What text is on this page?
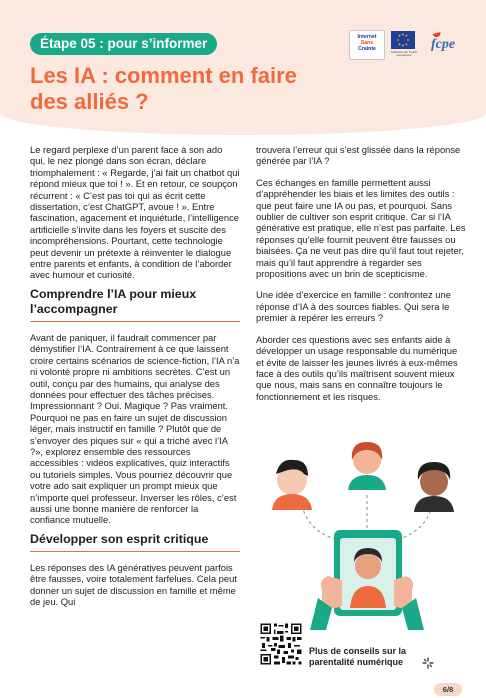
Étape 05 : pour s’informer
Les IA : comment en faire des alliés ?
Internet
Sans
Crainte	Cofinancé par l’Union européenne
fcpe

Le regard perplexe d’un parent face à son ado qui, le nez plongé dans son écran, déclare triomphalement : « Regarde, j’ai fait un chatbot qui répond mieux que toi ! ». Et en retour, ce soupçon récurrent : « C’est pas toi qui as écrit cette dissertation, c’est ChatGPT, avoue ! ». Entre fascination, agacement et inquiétude, l’intelligence artificielle s’invite dans les foyers et suscite des incompréhensions. Pourtant, cette technologie peut devenir un prétexte à réinventer le dialogue entre parents et enfants, à condition de l’aborder avec humour et curiosité.

Comprendre l’IA pour mieux l’accompagner

Avant de paniquer, il faudrait commencer par démystifier l’IA. Contrairement à ce que laissent croire certains scénarios de science-fiction, l’IA n’a ni volonté propre ni ambitions secrètes. C’est un outil, conçu par des humains, qui analyse des données pour effectuer des tâches précises. Impressionnant ? Oui. Magique ? Pas vraiment. Pourquoi ne pas en faire un sujet de discussion léger, mais instructif en famille ? Plutôt que de s’envoyer des piques sur « qui a triché avec l’IA ?», explorez ensemble des ressources accessibles : vidéos explicatives, quiz interactifs ou tutoriels simples. Vous pourriez découvrir que votre ado sait expliquer un prompt mieux que n’importe quel professeur. Inverser les rôles, c’est aussi une bonne manière de renforcer la confiance mutuelle.

Développer son esprit critique

Les réponses des IA génératives peuvent parfois être fausses, voire totalement farfelues. Cela peut donner un sujet de discussion en famille et même de jeu. Qui

trouvera l’erreur qui s’est glissée dans la réponse générée par l’IA ?

Ces échanges en famille permettent aussi d’appréhender les biais et les limites des outils : que peut faire une IA ou pas, et pourquoi. Sans oublier de cultiver son esprit critique. Car si l’IA générative est pratique, elle n’est pas parfaite. Les réponses qu’elle fournit peuvent être fausses ou biaisées. Ça ne veut pas dire qu’il faut tout rejeter, mais qu’il faut apprendre à regarder ses propositions avec un brin de scepticisme.

Une idée d’exercice en famille : confrontez une réponse d’IA à des sources fiables. Qui sera le premier à repérer les erreurs ?

Aborder ces questions avec ses enfants aide à développer un usage responsable du numérique et évite de laisser les jeunes livrés à eux-mêmes face à des outils qu’ils maîtrisent souvent mieux que nous, mais sans en connaître toujours le fonctionnement et les risques.

Plus de conseils sur la parentalité numérique
6/8
